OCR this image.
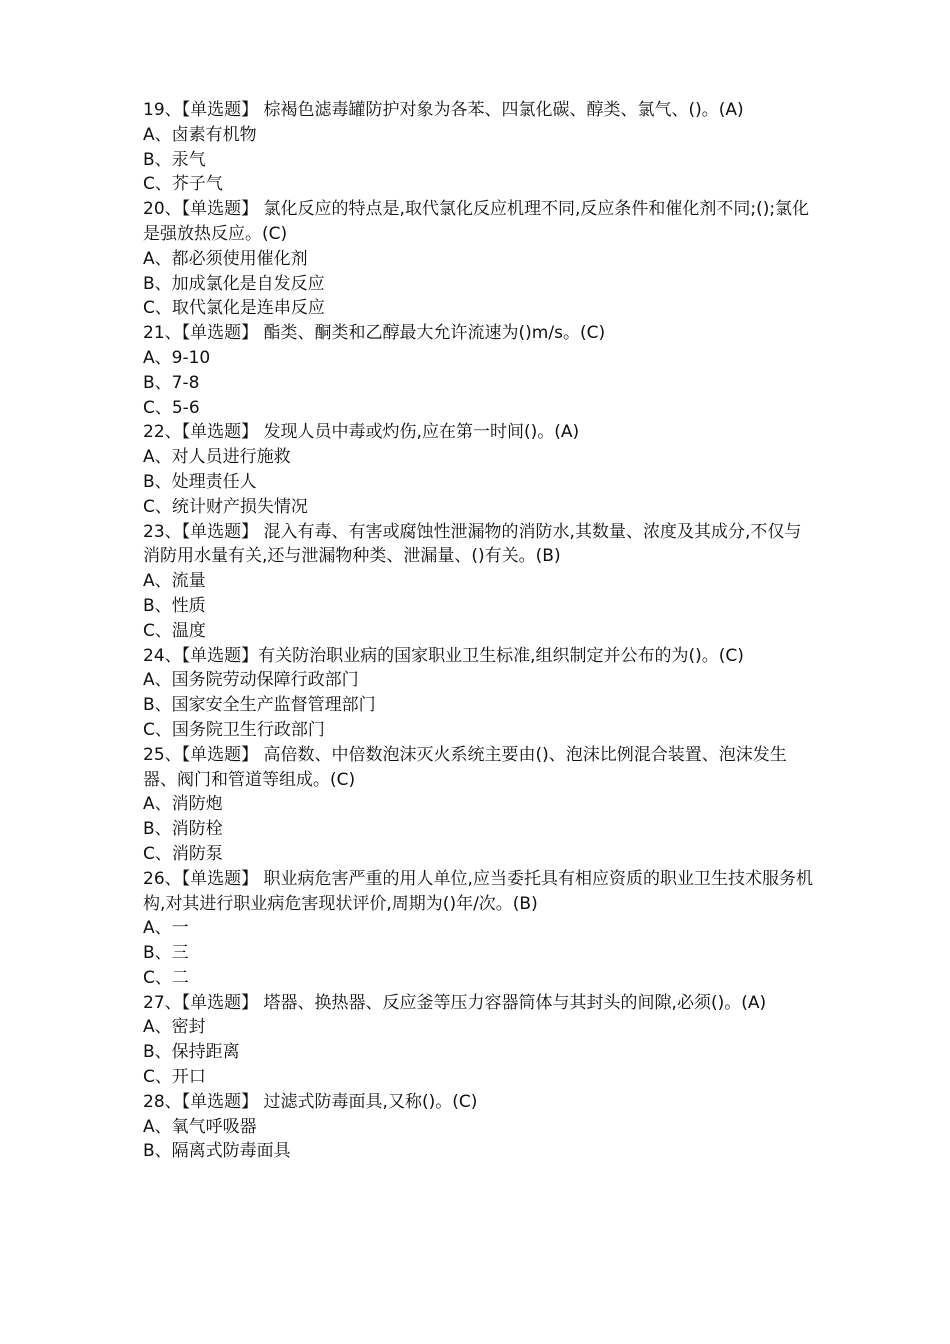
19、【单选题】 棕褐色滤毒罐防护对象为各苯、四氯化碳、醇类、氯气、()。(A)
A、卤素有机物
B、汞气
C、芥子气
20、【单选题】 氯化反应的特点是,取代氯化反应机理不同,反应条件和催化剂不同;();氯化是强放热反应。(C)
A、都必须使用催化剂
B、加成氯化是自发反应
C、取代氯化是连串反应
21、【单选题】 酯类、酮类和乙醇最大允许流速为()m/s。(C)
A、9-10
B、7-8
C、5-6
22、【单选题】 发现人员中毒或灼伤,应在第一时间()。(A)
A、对人员进行施救
B、处理责任人
C、统计财产损失情况
23、【单选题】 混入有毒、有害或腐蚀性泄漏物的消防水,其数量、浓度及其成分,不仅与消防用水量有关,还与泄漏物种类、泄漏量、()有关。(B)
A、流量
B、性质
C、温度
24、【单选题】有关防治职业病的国家职业卫生标准,组织制定并公布的为()。(C)
A、国务院劳动保障行政部门
B、国家安全生产监督管理部门
C、国务院卫生行政部门
25、【单选题】 高倍数、中倍数泡沫灭火系统主要由()、泡沫比例混合装置、泡沫发生器、阀门和管道等组成。(C)
A、消防炮
B、消防栓
C、消防泵
26、【单选题】 职业病危害严重的用人单位,应当委托具有相应资质的职业卫生技术服务机构,对其进行职业病危害现状评价,周期为()年/次。(B)
A、一
B、三
C、二
27、【单选题】 塔器、换热器、反应釜等压力容器筒体与其封头的间隙,必须()。(A)
A、密封
B、保持距离
C、开口
28、【单选题】 过滤式防毒面具,又称()。(C)
A、氧气呼吸器
B、隔离式防毒面具
